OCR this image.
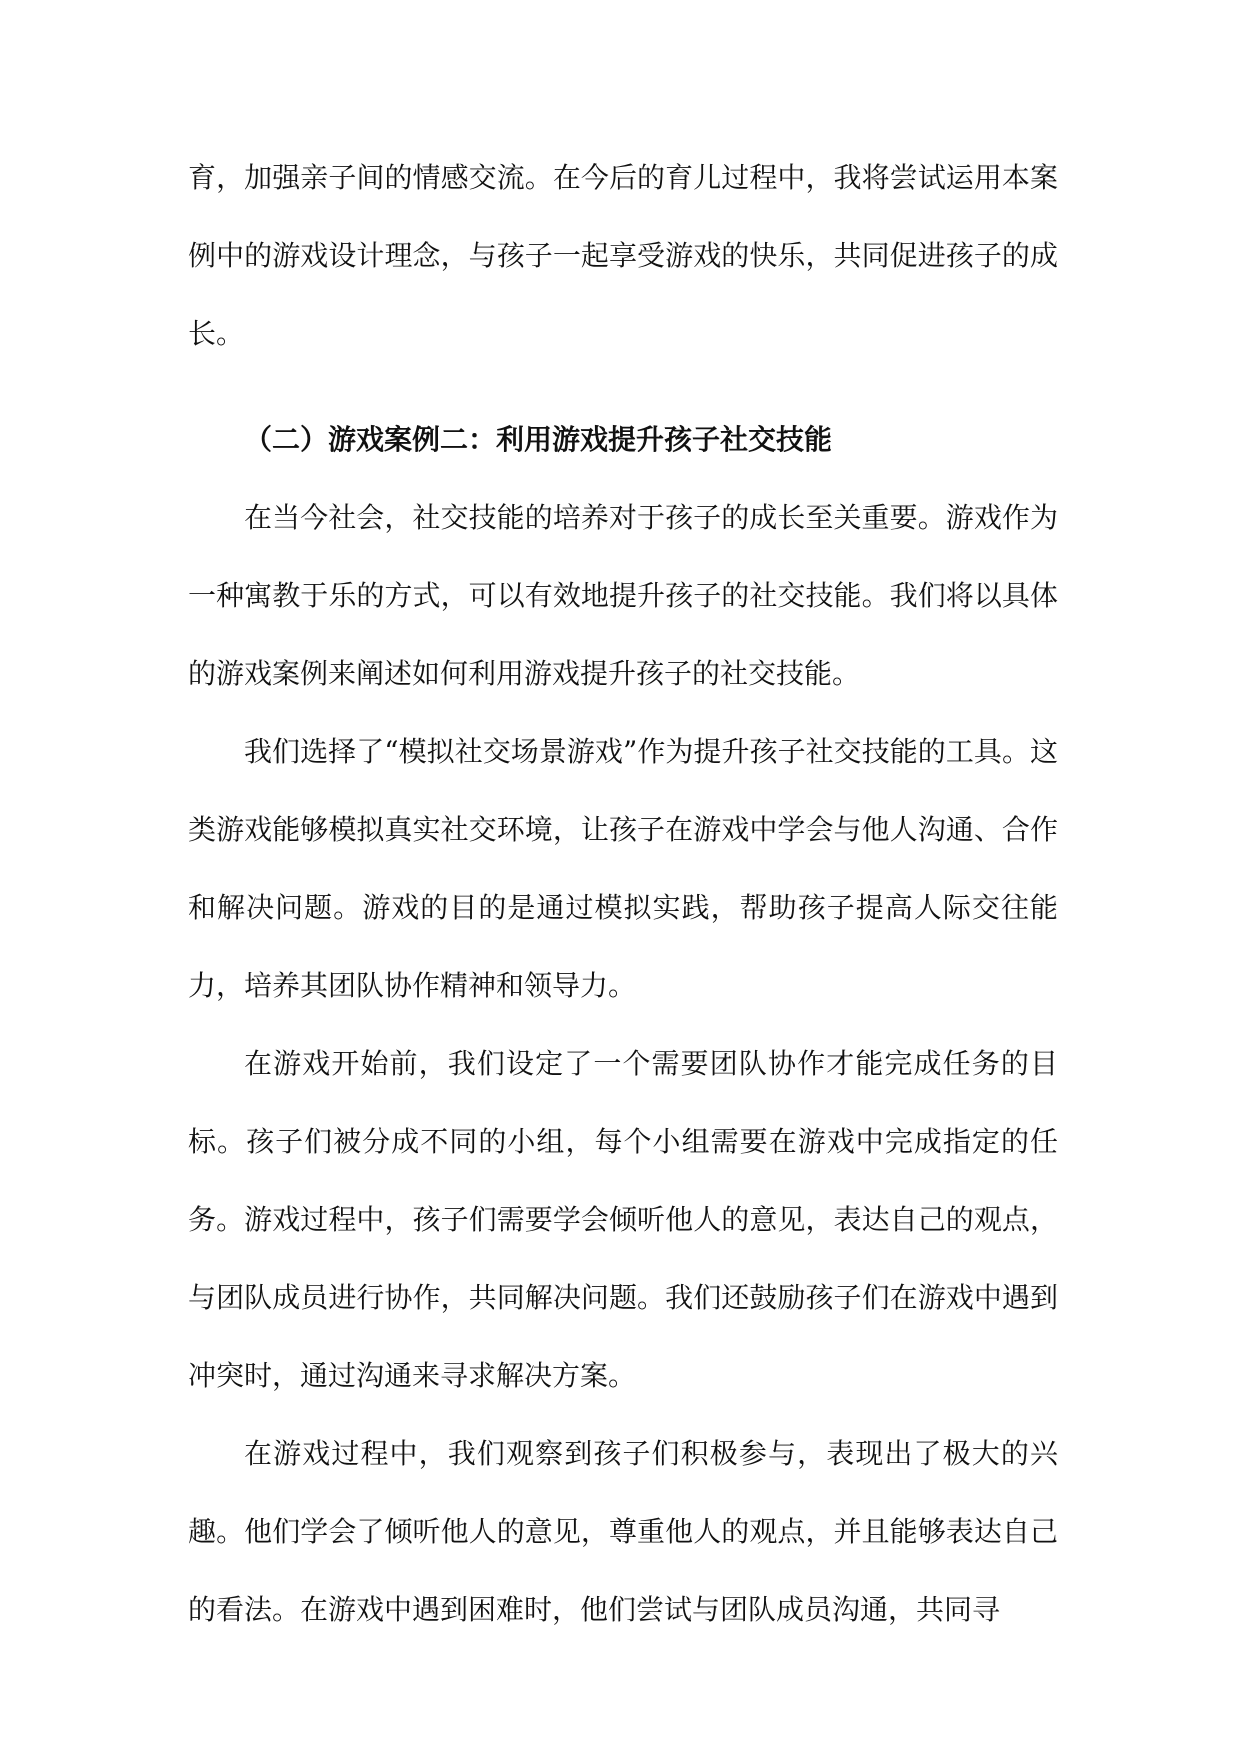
育，加强亲子间的情感交流。在今后的育儿过程中，我将尝试运用本案例中的游戏设计理念，与孩子一起享受游戏的快乐，共同促进孩子的成长。

（二）游戏案例二：利用游戏提升孩子社交技能

在当今社会，社交技能的培养对于孩子的成长至关重要。游戏作为一种寓教于乐的方式，可以有效地提升孩子的社交技能。我们将以具体的游戏案例来阐述如何利用游戏提升孩子的社交技能。

我们选择了“模拟社交场景游戏”作为提升孩子社交技能的工具。这类游戏能够模拟真实社交环境，让孩子在游戏中学会与他人沟通、合作和解决问题。游戏的目的是通过模拟实践，帮助孩子提高人际交往能力，培养其团队协作精神和领导力。

在游戏开始前，我们设定了一个需要团队协作才能完成任务的目标。孩子们被分成不同的小组，每个小组需要在游戏中完成指定的任务。游戏过程中，孩子们需要学会倾听他人的意见，表达自己的观点，与团队成员进行协作，共同解决问题。我们还鼓励孩子们在游戏中遇到冲突时，通过沟通来寻求解决方案。

在游戏过程中，我们观察到孩子们积极参与，表现出了极大的兴趣。他们学会了倾听他人的意见，尊重他人的观点，并且能够表达自己的看法。在游戏中遇到困难时，他们尝试与团队成员沟通，共同寻
